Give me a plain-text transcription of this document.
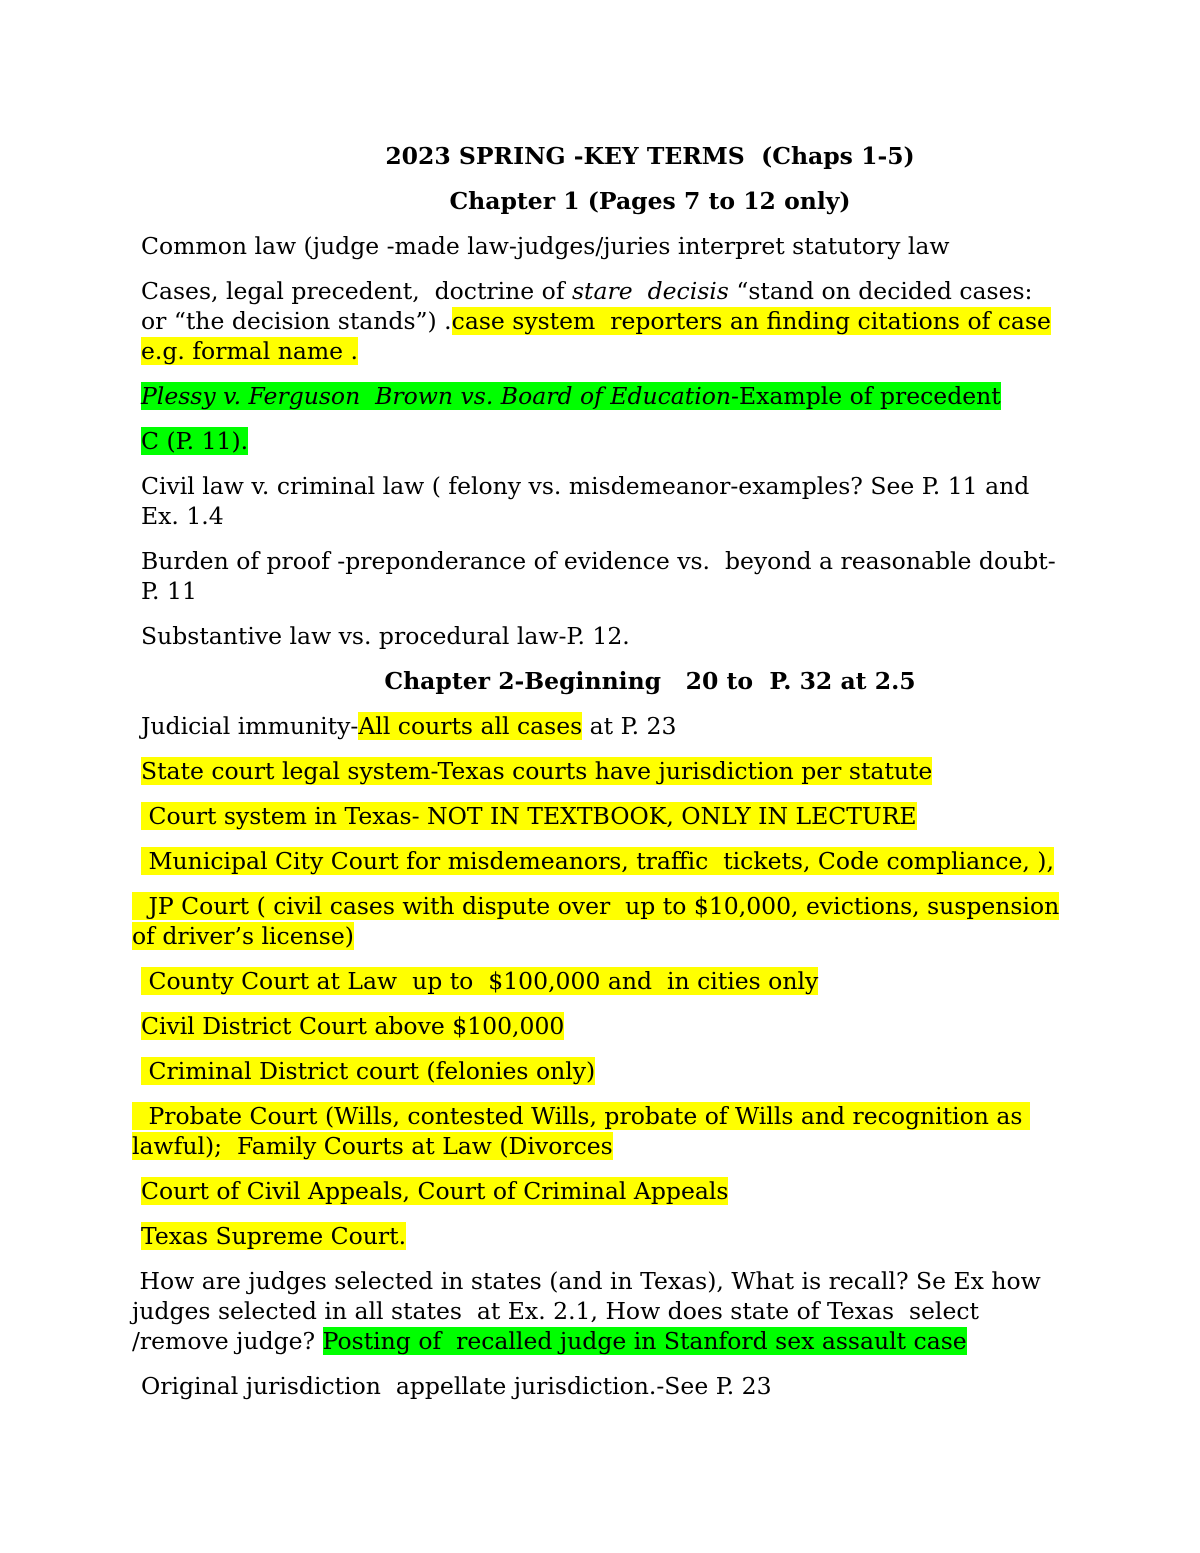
2023 SPRING -KEY TERMS  (Chaps 1-5)

Chapter 1 (Pages 7 to 12 only)

Common law (judge -made law-judges/juries interpret statutory law

Cases, legal precedent,  doctrine of stare  decisis “stand on decided cases:

or “the decision stands”) .case system  reporters an finding citations of case

e.g. formal name .

Plessy v. Ferguson  Brown vs. Board of Education-Example of precedent

C (P. 11).

Civil law v. criminal law ( felony vs. misdemeanor-examples? See P. 11 and

Ex. 1.4

Burden of proof -preponderance of evidence vs.  beyond a reasonable doubt-

P. 11

Substantive law vs. procedural law-P. 12.

Chapter 2-Beginning   20 to  P. 32 at 2.5

Judicial immunity-All courts all cases at P. 23

State court legal system-Texas courts have jurisdiction per statute

Court system in Texas- NOT IN TEXTBOOK, ONLY IN LECTURE

Municipal City Court for misdemeanors, traffic  tickets, Code compliance, ),

JP Court ( civil cases with dispute over  up to $10,000, evictions, suspension

of driver’s license)

County Court at Law  up to  $100,000 and  in cities only

Civil District Court above $100,000

Criminal District court (felonies only)

Probate Court (Wills, contested Wills, probate of Wills and recognition as

lawful);  Family Courts at Law (Divorces

Court of Civil Appeals, Court of Criminal Appeals

Texas Supreme Court.

How are judges selected in states (and in Texas), What is recall? Se Ex how

judges selected in all states  at Ex. 2.1, How does state of Texas  select

/remove judge? Posting of  recalled judge in Stanford sex assault case

Original jurisdiction  appellate jurisdiction.-See P. 23
